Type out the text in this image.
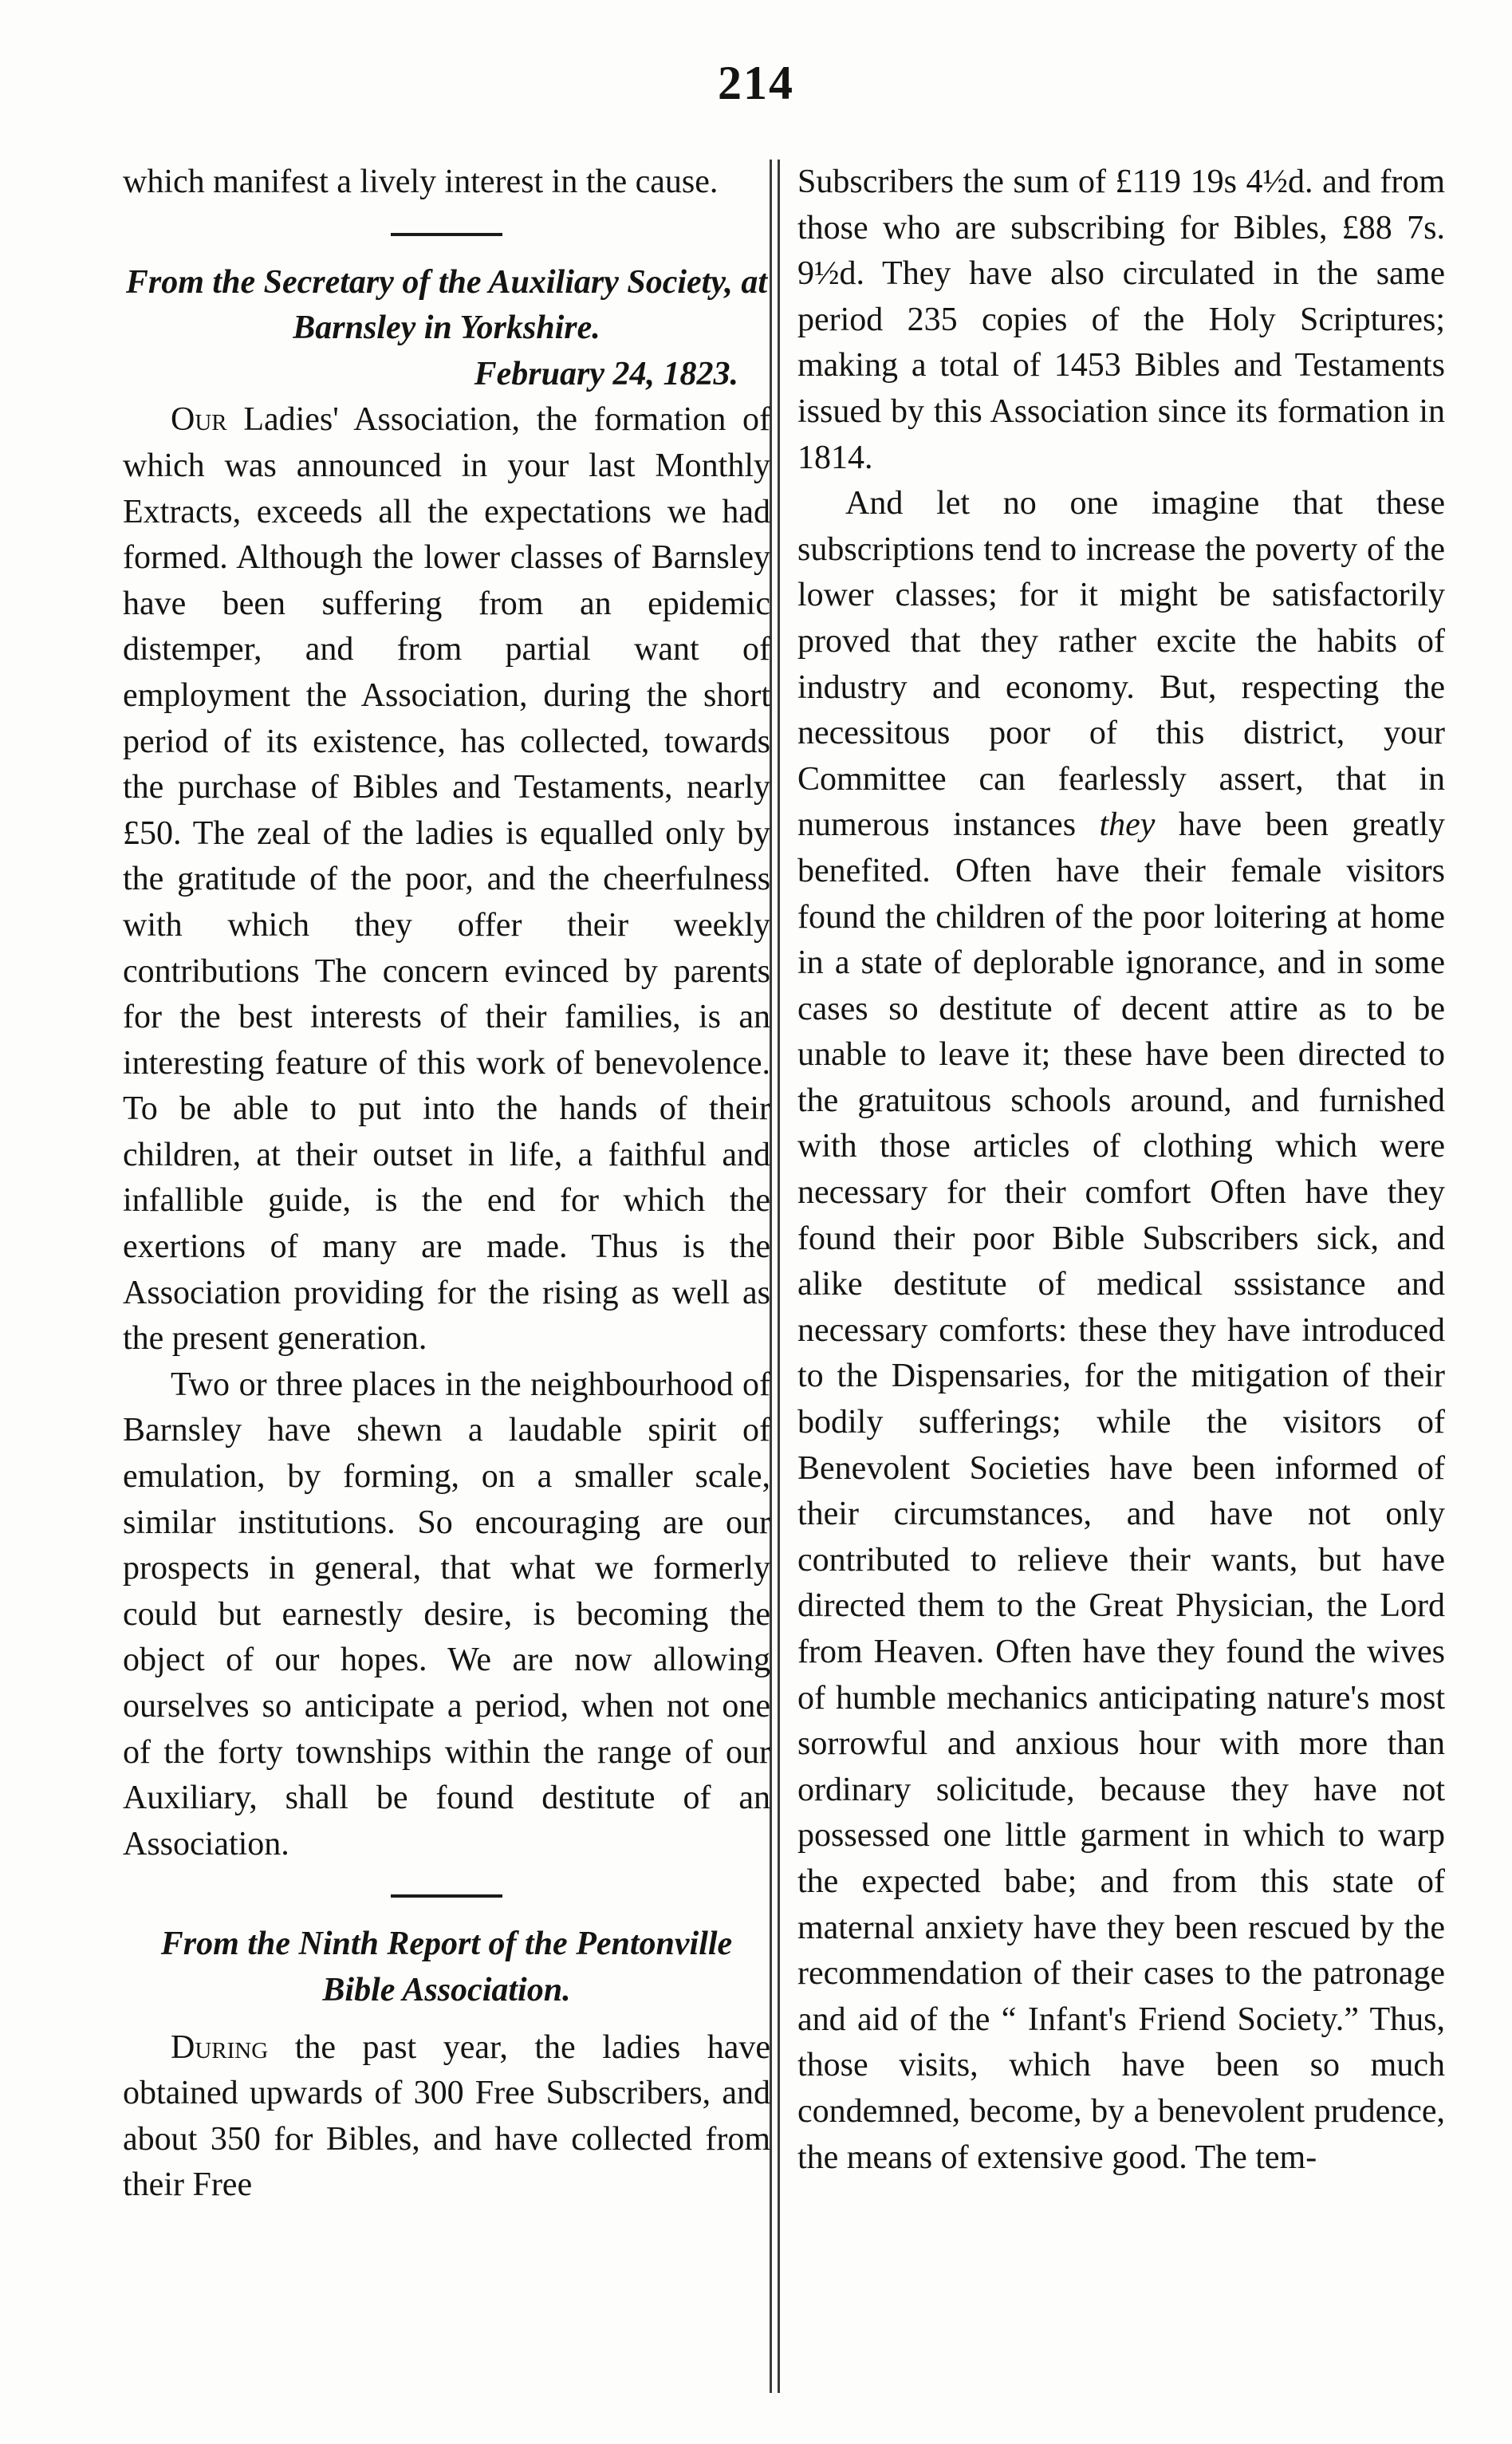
214

which manifest a lively interest in the cause.

From the Secretary of the Auxiliary Society, at Barnsley in Yorkshire.

February 24, 1823.

Our Ladies' Association, the formation of which was announced in your last Monthly Extracts, exceeds all the expectations we had formed. Although the lower classes of Barnsley have been suffering from an epidemic distemper, and from partial want of employment the Association, during the short period of its existence, has collected, towards the purchase of Bibles and Testaments, nearly £50. The zeal of the ladies is equalled only by the gratitude of the poor, and the cheerfulness with which they offer their weekly contributions The concern evinced by parents for the best interests of their families, is an interesting feature of this work of benevolence. To be able to put into the hands of their children, at their outset in life, a faithful and infallible guide, is the end for which the exertions of many are made. Thus is the Association providing for the rising as well as the present generation.

Two or three places in the neighbourhood of Barnsley have shewn a laudable spirit of emulation, by forming, on a smaller scale, similar institutions. So encouraging are our prospects in general, that what we formerly could but earnestly desire, is becoming the object of our hopes. We are now allowing ourselves so anticipate a period, when not one of the forty townships within the range of our Auxiliary, shall be found destitute of an Association.

From the Ninth Report of the Pentonville Bible Association.

During the past year, the ladies have obtained upwards of 300 Free Subscribers, and about 350 for Bibles, and have collected from their Free

Subscribers the sum of £119 19s 4½d. and from those who are subscribing for Bibles, £88 7s. 9½d. They have also circulated in the same period 235 copies of the Holy Scriptures; making a total of 1453 Bibles and Testaments issued by this Association since its formation in 1814.

And let no one imagine that these subscriptions tend to increase the poverty of the lower classes; for it might be satisfactorily proved that they rather excite the habits of industry and economy. But, respecting the necessitous poor of this district, your Committee can fearlessly assert, that in numerous instances they have been greatly benefited. Often have their female visitors found the children of the poor loitering at home in a state of deplorable ignorance, and in some cases so destitute of decent attire as to be unable to leave it; these have been directed to the gratuitous schools around, and furnished with those articles of clothing which were necessary for their comfort Often have they found their poor Bible Subscribers sick, and alike destitute of medical sssistance and necessary comforts: these they have introduced to the Dispensaries, for the mitigation of their bodily sufferings; while the visitors of Benevolent Societies have been informed of their circumstances, and have not only contributed to relieve their wants, but have directed them to the Great Physician, the Lord from Heaven. Often have they found the wives of humble mechanics anticipating nature's most sorrowful and anxious hour with more than ordinary solicitude, because they have not possessed one little garment in which to warp the expected babe; and from this state of maternal anxiety have they been rescued by the recommendation of their cases to the patronage and aid of the “ Infant's Friend Society.” Thus, those visits, which have been so much condemned, become, by a benevolent prudence, the means of extensive good. The tem-
